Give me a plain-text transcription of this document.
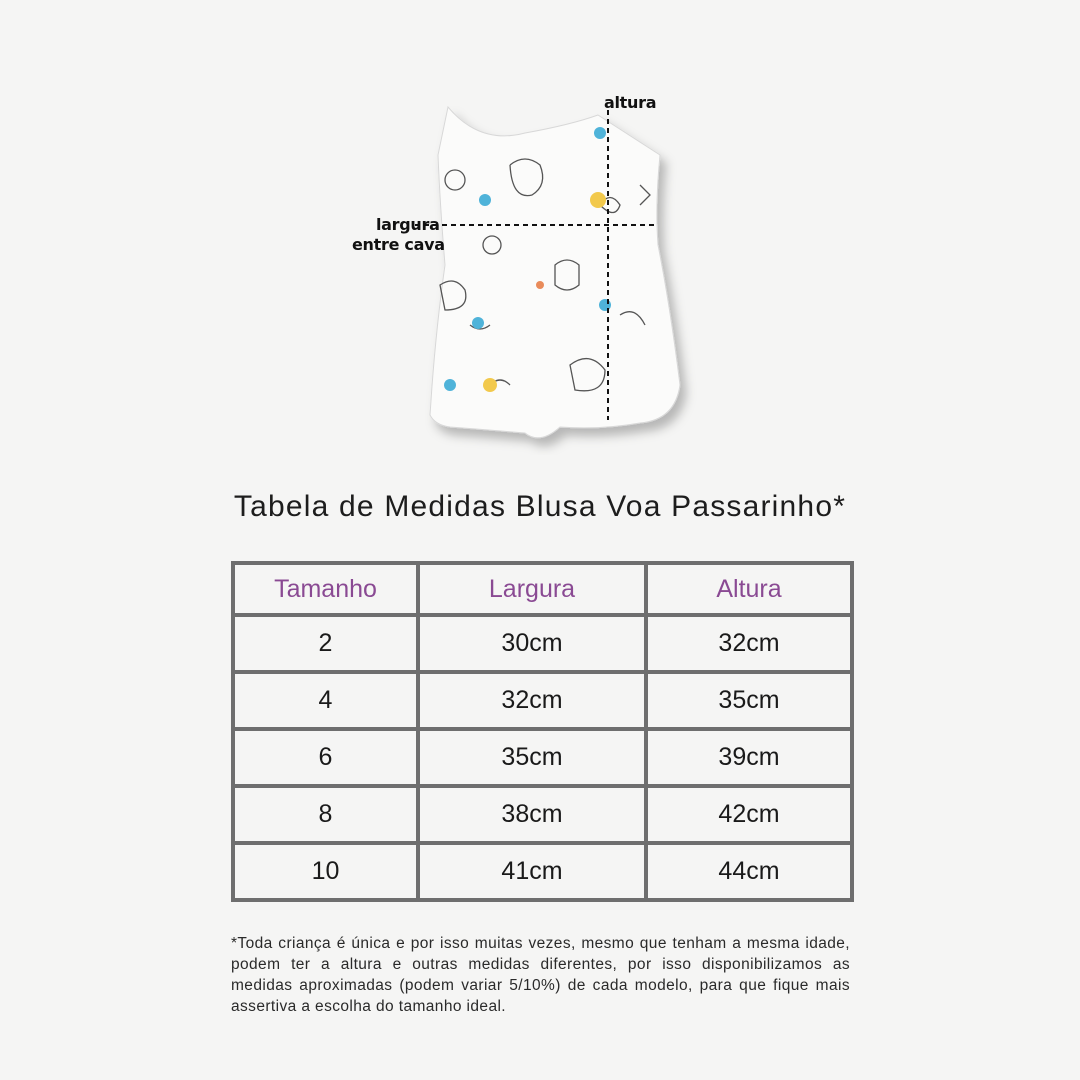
altura
largura
entre cava
Tabela de Medidas Blusa Voa Passarinho*
Tamanho	Largura	Altura
2	30cm	32cm
4	32cm	35cm
6	35cm	39cm
8	38cm	42cm
10	41cm	44cm
*Toda criança é única e por isso muitas vezes, mesmo que tenham a mesma idade, podem ter a altura e outras medidas diferentes, por isso disponibilizamos as medidas aproximadas (podem variar 5/10%) de cada modelo, para que fique mais assertiva a escolha do tamanho ideal.
